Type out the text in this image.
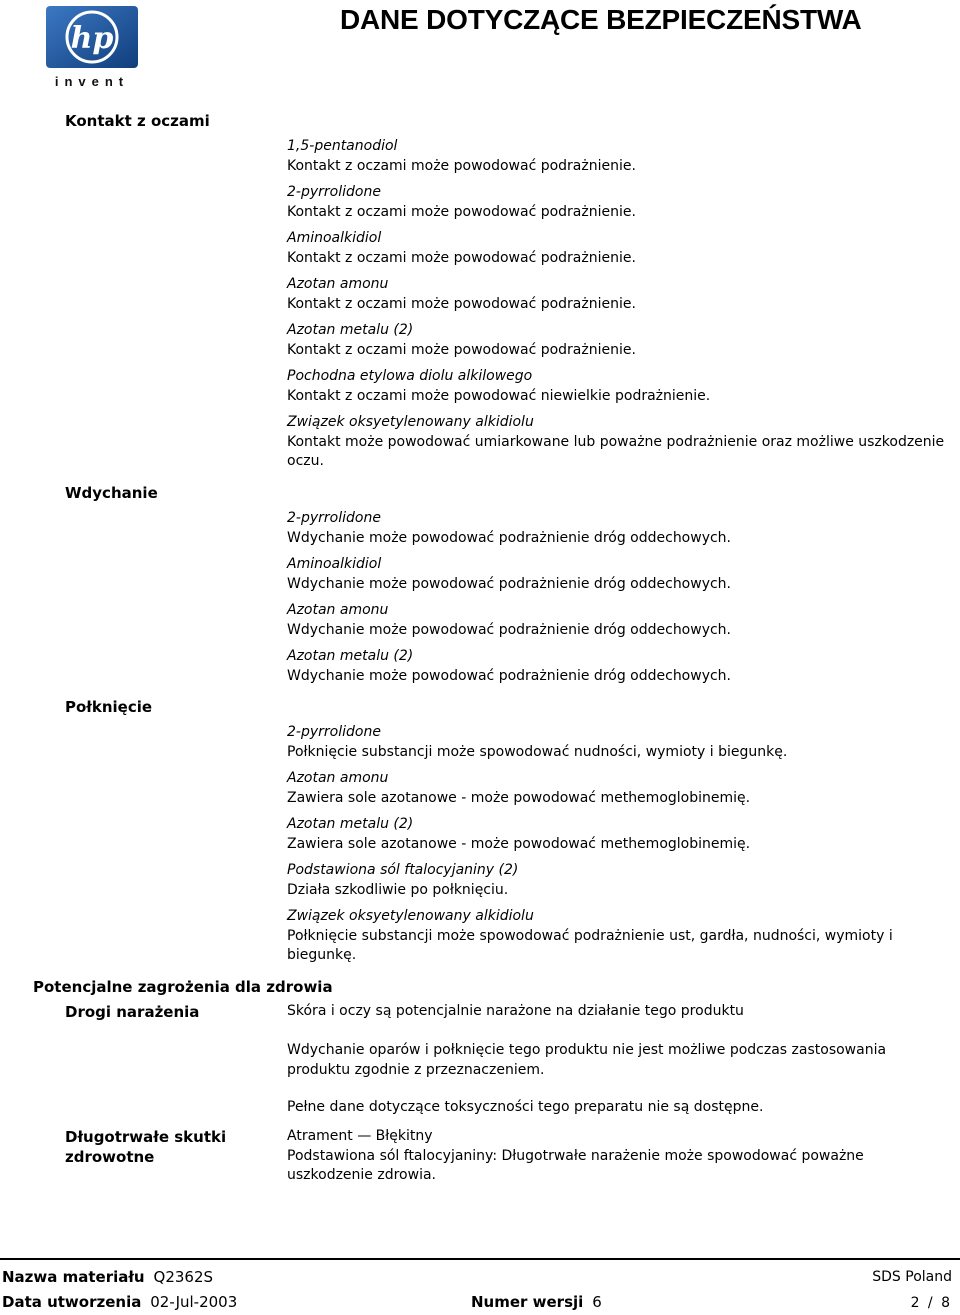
hp
invent
DANE DOTYCZĄCE BEZPIECZEŃSTWA
Kontakt z oczami
1,5-pentanodiol
Kontakt z oczami może powodować podrażnienie.
2-pyrrolidone
Kontakt z oczami może powodować podrażnienie.
Aminoalkidiol
Kontakt z oczami może powodować podrażnienie.
Azotan amonu
Kontakt z oczami może powodować podrażnienie.
Azotan metalu (2)
Kontakt z oczami może powodować podrażnienie.
Pochodna etylowa diolu alkilowego
Kontakt z oczami może powodować niewielkie podrażnienie.
Związek oksyetylenowany alkidiolu
Kontakt może powodować umiarkowane lub poważne podrażnienie oraz możliwe uszkodzenie oczu.
Wdychanie
2-pyrrolidone
Wdychanie może powodować podrażnienie dróg oddechowych.
Aminoalkidiol
Wdychanie może powodować podrażnienie dróg oddechowych.
Azotan amonu
Wdychanie może powodować podrażnienie dróg oddechowych.
Azotan metalu (2)
Wdychanie może powodować podrażnienie dróg oddechowych.
Połknięcie
2-pyrrolidone
Połknięcie substancji może spowodować nudności, wymioty i biegunkę.
Azotan amonu
Zawiera sole azotanowe - może powodować methemoglobinemię.
Azotan metalu (2)
Zawiera sole azotanowe - może powodować methemoglobinemię.
Podstawiona sól ftalocyjaniny (2)
Działa szkodliwie po połknięciu.
Związek oksyetylenowany alkidiolu
Połknięcie substancji może spowodować podrażnienie ust, gardła, nudności, wymioty i biegunkę.
Potencjalne zagrożenia dla zdrowia
Drogi narażenia	Skóra i oczy są potencjalnie narażone na działanie tego produktu
Wdychanie oparów i połknięcie tego produktu nie jest możliwe podczas zastosowania produktu zgodnie z przeznaczeniem.
Pełne dane dotyczące toksyczności tego preparatu nie są dostępne.
Długotrwałe skutki zdrowotne
Atrament — Błękitny
Podstawiona sól ftalocyjaniny: Długotrwałe narażenie może spowodować poważne uszkodzenie zdrowia.
Nazwa materiału Q2362S	SDS Poland
Data utworzenia 02-Jul-2003	Numer wersji 6	2 / 8
